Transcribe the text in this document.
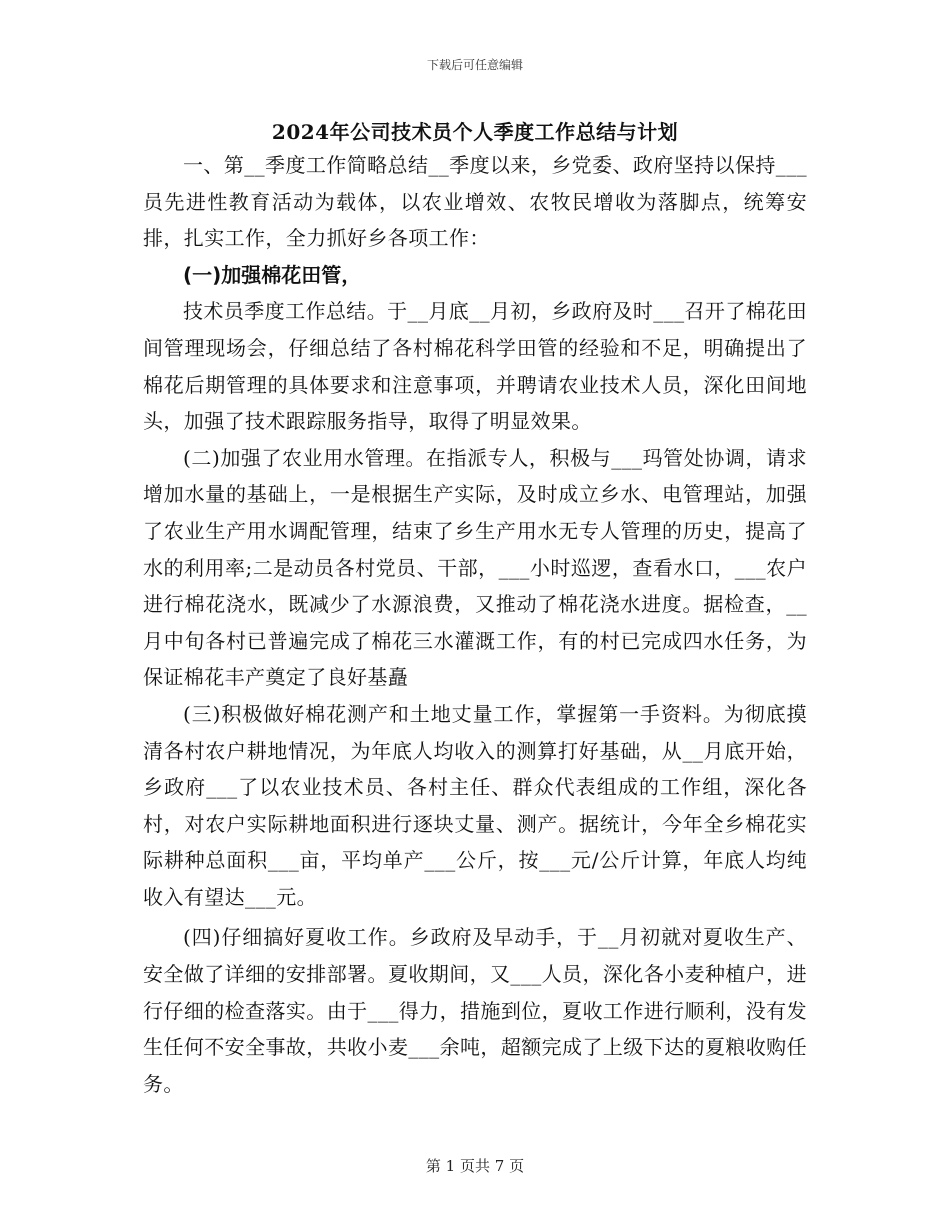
下载后可任意编辑
2024年公司技术员个人季度工作总结与计划

一、第__季度工作简略总结__季度以来，乡党委、政府坚持以保持___员先进性教育活动为载体，以农业增效、农牧民增收为落脚点，统筹安排，扎实工作，全力抓好乡各项工作：

(一)加强棉花田管，

技术员季度工作总结。于__月底__月初，乡政府及时___召开了棉花田间管理现场会，仔细总结了各村棉花科学田管的经验和不足，明确提出了棉花后期管理的具体要求和注意事项，并聘请农业技术人员，深化田间地头，加强了技术跟踪服务指导，取得了明显效果。

(二)加强了农业用水管理。在指派专人，积极与___玛管处协调，请求增加水量的基础上，一是根据生产实际，及时成立乡水、电管理站，加强了农业生产用水调配管理，结束了乡生产用水无专人管理的历史，提高了水的利用率;二是动员各村党员、干部，___小时巡逻，查看水口，___农户进行棉花浇水，既减少了水源浪费，又推动了棉花浇水进度。据检查，__月中旬各村已普遍完成了棉花三水灌溉工作，有的村已完成四水任务，为保证棉花丰产奠定了良好基矗

(三)积极做好棉花测产和土地丈量工作，掌握第一手资料。为彻底摸清各村农户耕地情况，为年底人均收入的测算打好基础，从__月底开始，乡政府___了以农业技术员、各村主任、群众代表组成的工作组，深化各村，对农户实际耕地面积进行逐块丈量、测产。据统计，今年全乡棉花实际耕种总面积___亩，平均单产___公斤，按___元/公斤计算，年底人均纯收入有望达___元。

(四)仔细搞好夏收工作。乡政府及早动手，于__月初就对夏收生产、安全做了详细的安排部署。夏收期间，又___人员，深化各小麦种植户，进行仔细的检查落实。由于___得力，措施到位，夏收工作进行顺利，没有发生任何不安全事故，共收小麦___余吨，超额完成了上级下达的夏粮收购任务。

第 1 页共 7 页
